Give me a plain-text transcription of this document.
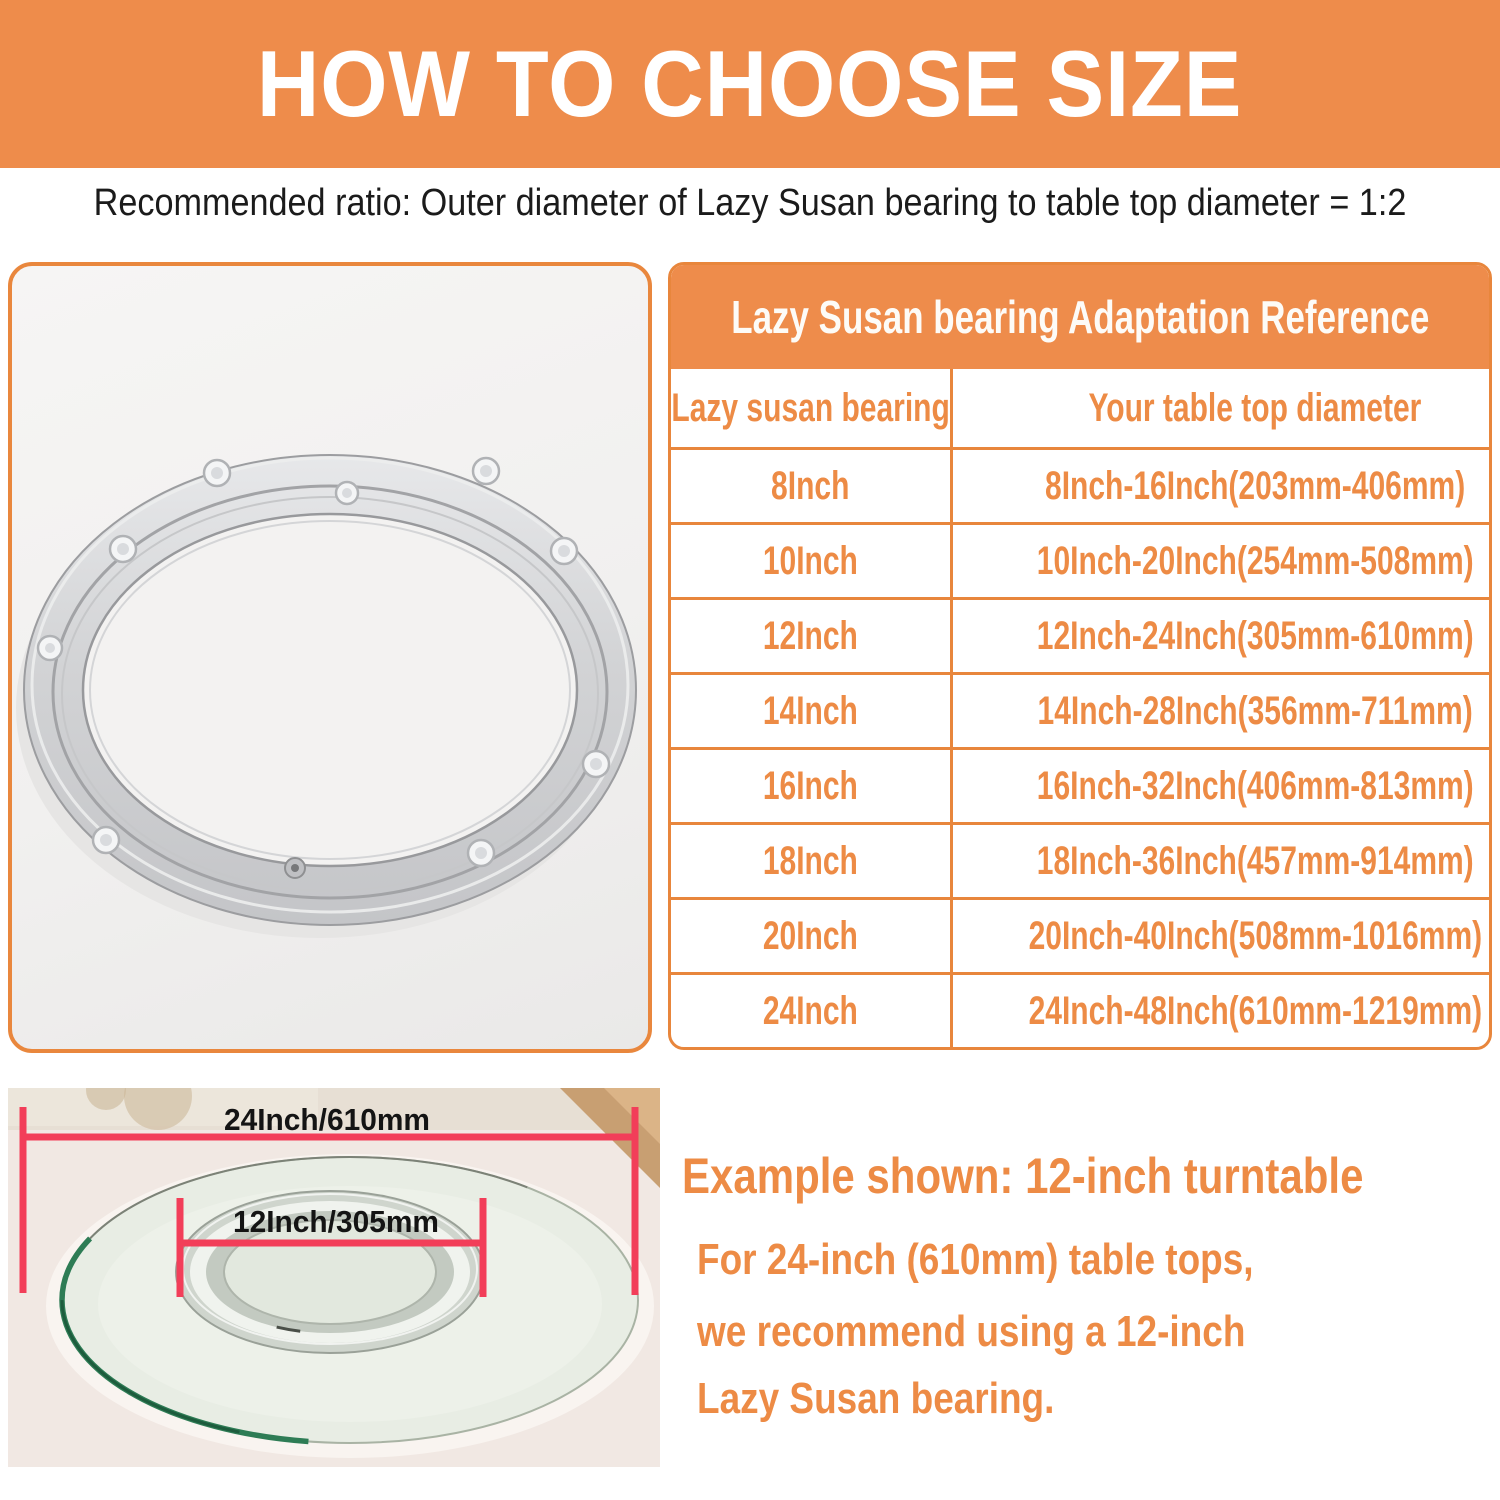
HOW TO CHOOSE SIZE
Recommended ratio: Outer diameter of Lazy Susan bearing to table top diameter = 1:2
Lazy Susan bearing Adaptation Reference
Lazy susan bearing	Your table top diameter
8Inch	8Inch-16Inch(203mm-406mm)
10Inch	10Inch-20Inch(254mm-508mm)
12Inch	12Inch-24Inch(305mm-610mm)
14Inch	14Inch-28Inch(356mm-711mm)
16Inch	16Inch-32Inch(406mm-813mm)
18Inch	18Inch-36Inch(457mm-914mm)
20Inch	20Inch-40Inch(508mm-1016mm)
24Inch	24Inch-48Inch(610mm-1219mm)
24Inch/610mm
12Inch/305mm
Example shown: 12-inch turntable
For 24-inch (610mm) table tops,
we recommend using a 12-inch
Lazy Susan bearing.
